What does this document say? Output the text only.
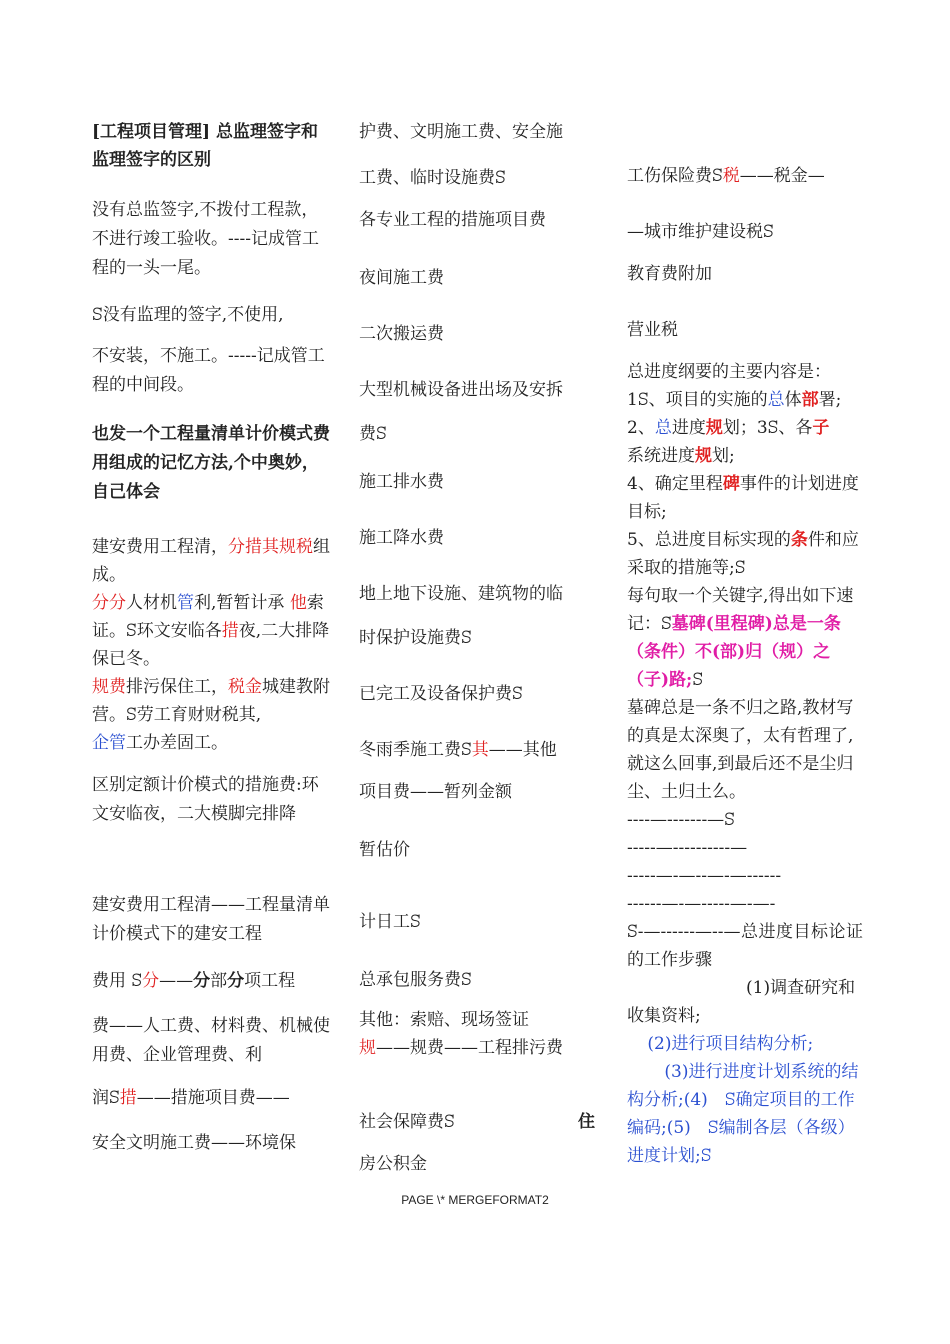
[工程项目管理] 总监理签字和监理签字的区别

没有总监签字,不拨付工程款，不进行竣工验收。----记成管工程的一头一尾。

ꕶ没有监理的签字,不使用,

不安装，不施工。-----记成管工程的中间段。

也发一个工程量清单计价模式费用组成的记忆方法,个中奥妙，自己体会

建安费用工程清，分措其规税组成。
分分人材机管利,暂暂计承 他索证。ꕶ环文安临各措夜,二大排降保已冬。
规费排污保住工，税金城建教附营。ꕶ劳工育财财税其,
企管工办差固工。

区别定额计价模式的措施费:环文安临夜，二大模脚完排降

建安费用工程清——工程量清单计价模式下的建安工程

费用 ꕶ分——分部分项工程

费——人工费、材料费、机械使用费、企业管理费、利

润ꕶ措——措施项目费——

安全文明施工费——环境保

护费、文明施工费、安全施

工费、临时设施费ꕶ

各专业工程的措施项目费

夜间施工费

二次搬运费

大型机械设备进出场及安拆

费ꕶ

施工排水费

施工降水费

地上地下设施、建筑物的临

时保护设施费ꕶ

已完工及设备保护费ꕶ

冬雨季施工费ꕶ其——其他

项目费——暂列金额

暂估价

计日工ꕶ

总承包服务费ꕶ

其他：索赔、现场签证

规——规费——工程排污费

社会保障费ꕶ	住

房公积金

工伤保险费ꕶ税——税金—

—城市维护建设税ꕶ

教育费附加

营业税

总进度纲要的主要内容是：

1ꕶ、项目的实施的总体部署;

2、总进度规划；3ꕶ、各子

系统进度规划;

4、确定里程碑事件的计划进度目标;

5、总进度目标实现的条件和应采取的措施等;ꕶ

每句取一个关键字,得出如下速记：ꕶ墓碑(里程碑)总是一条（条件）不(部)归（规）之（子)路;ꕶ

墓碑总是一条不归之路,教材写的真是太深奥了，太有哲理了,就这么回事,到最后还不是尘归尘、土归土么。

----—-------—ꕶ

-----—----------—

-----—-—--—-—------

------—-—-----—-—-

ꕶ-—------—--—总进度目标论证的工作步骤

(1)调查研究和收集资料;

(2)进行项目结构分析;

(3)进行进度计划系统的结构分析;(4)　ꕶ确定项目的工作编码;(5)　ꕶ编制各层（各级）进度计划;ꕶ

PAGE \* MERGEFORMAT2
